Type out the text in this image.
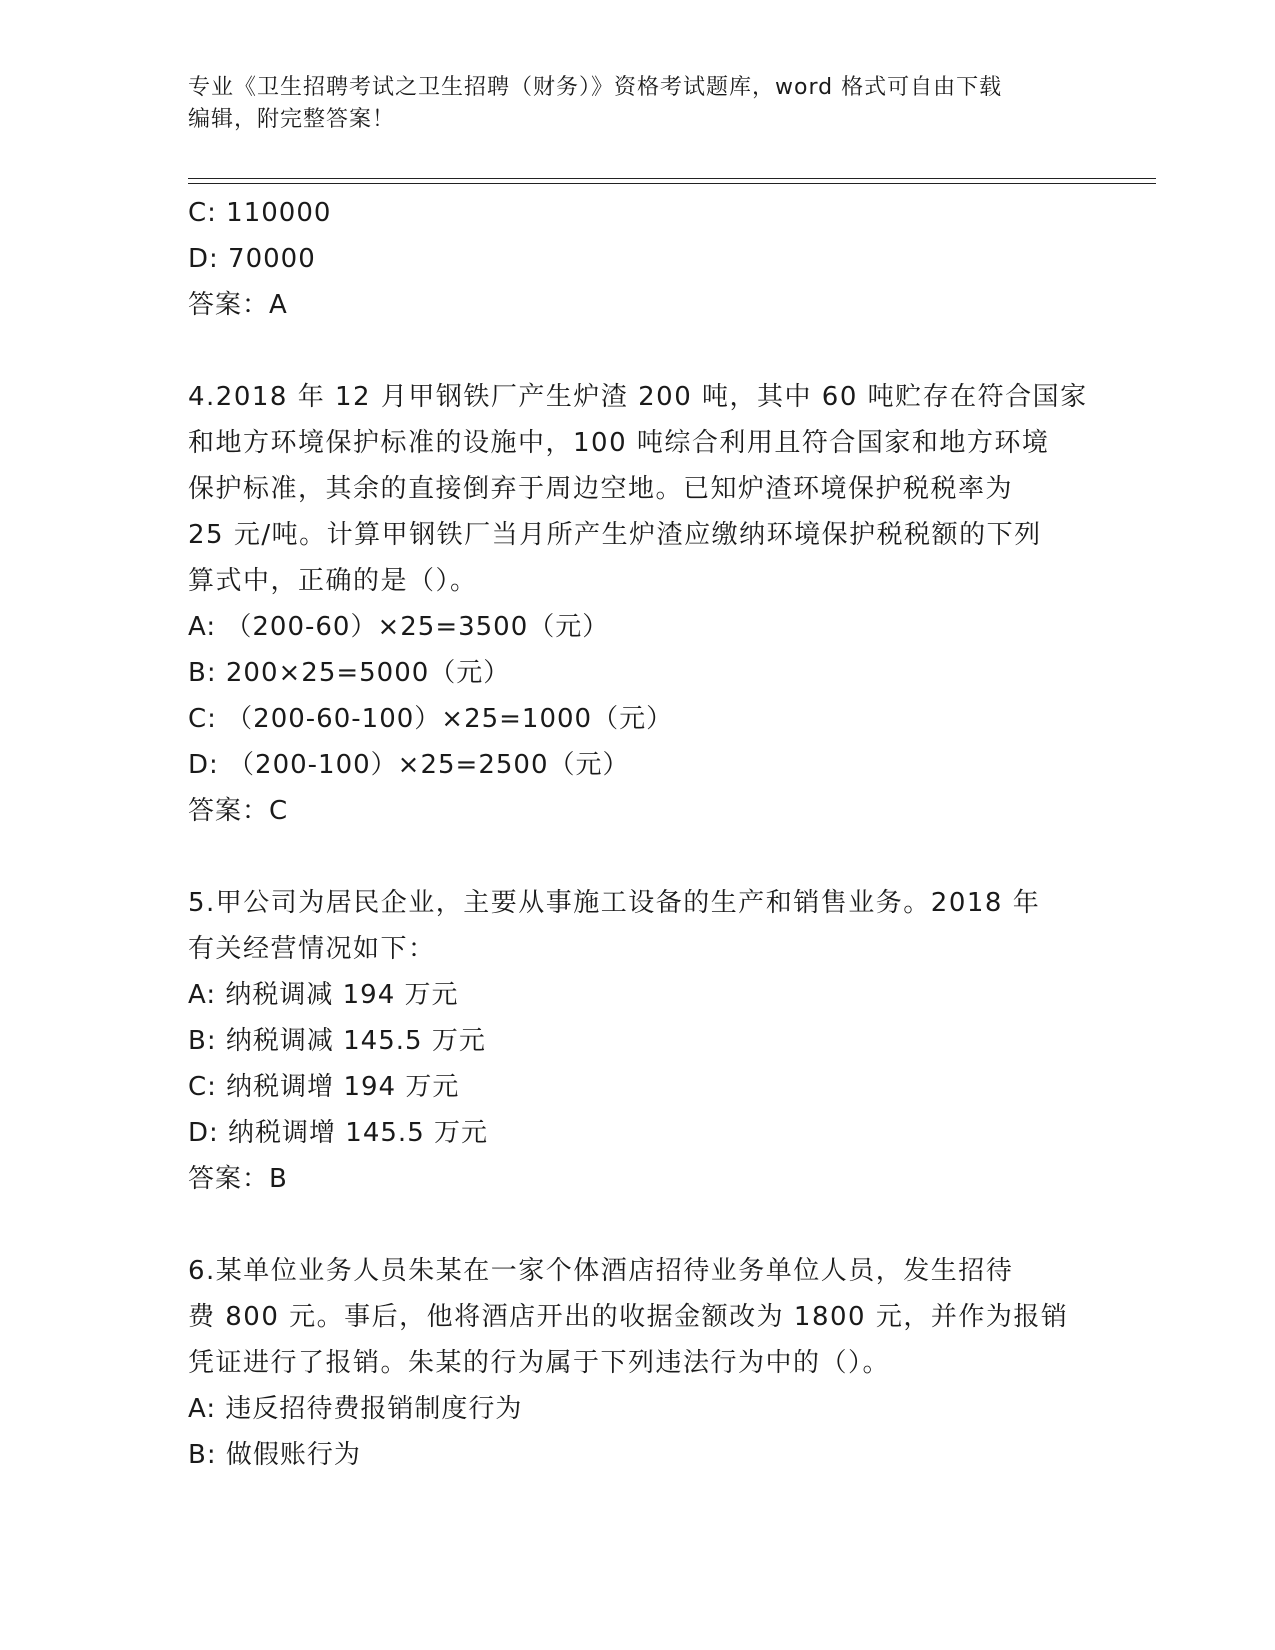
专业《卫生招聘考试之卫生招聘（财务）》资格考试题库，word 格式可自由下载
编辑，附完整答案！
C: 110000
D: 70000
答案：A
4.2018 年 12 月甲钢铁厂产生炉渣 200 吨，其中 60 吨贮存在符合国家
和地方环境保护标准的设施中，100 吨综合利用且符合国家和地方环境
保护标准，其余的直接倒弃于周边空地。已知炉渣环境保护税税率为
25 元/吨。计算甲钢铁厂当月所产生炉渣应缴纳环境保护税税额的下列
算式中，正确的是（）。
A: （200-60）×25=3500（元）
B: 200×25=5000（元）
C: （200-60-100）×25=1000（元）
D: （200-100）×25=2500（元）
答案：C
5.甲公司为居民企业，主要从事施工设备的生产和销售业务。2018 年
有关经营情况如下：
A: 纳税调减 194 万元
B: 纳税调减 145.5 万元
C: 纳税调增 194 万元
D: 纳税调增 145.5 万元
答案：B
6.某单位业务人员朱某在一家个体酒店招待业务单位人员，发生招待
费 800 元。事后，他将酒店开出的收据金额改为 1800 元，并作为报销
凭证进行了报销。朱某的行为属于下列违法行为中的（）。
A: 违反招待费报销制度行为
B: 做假账行为
